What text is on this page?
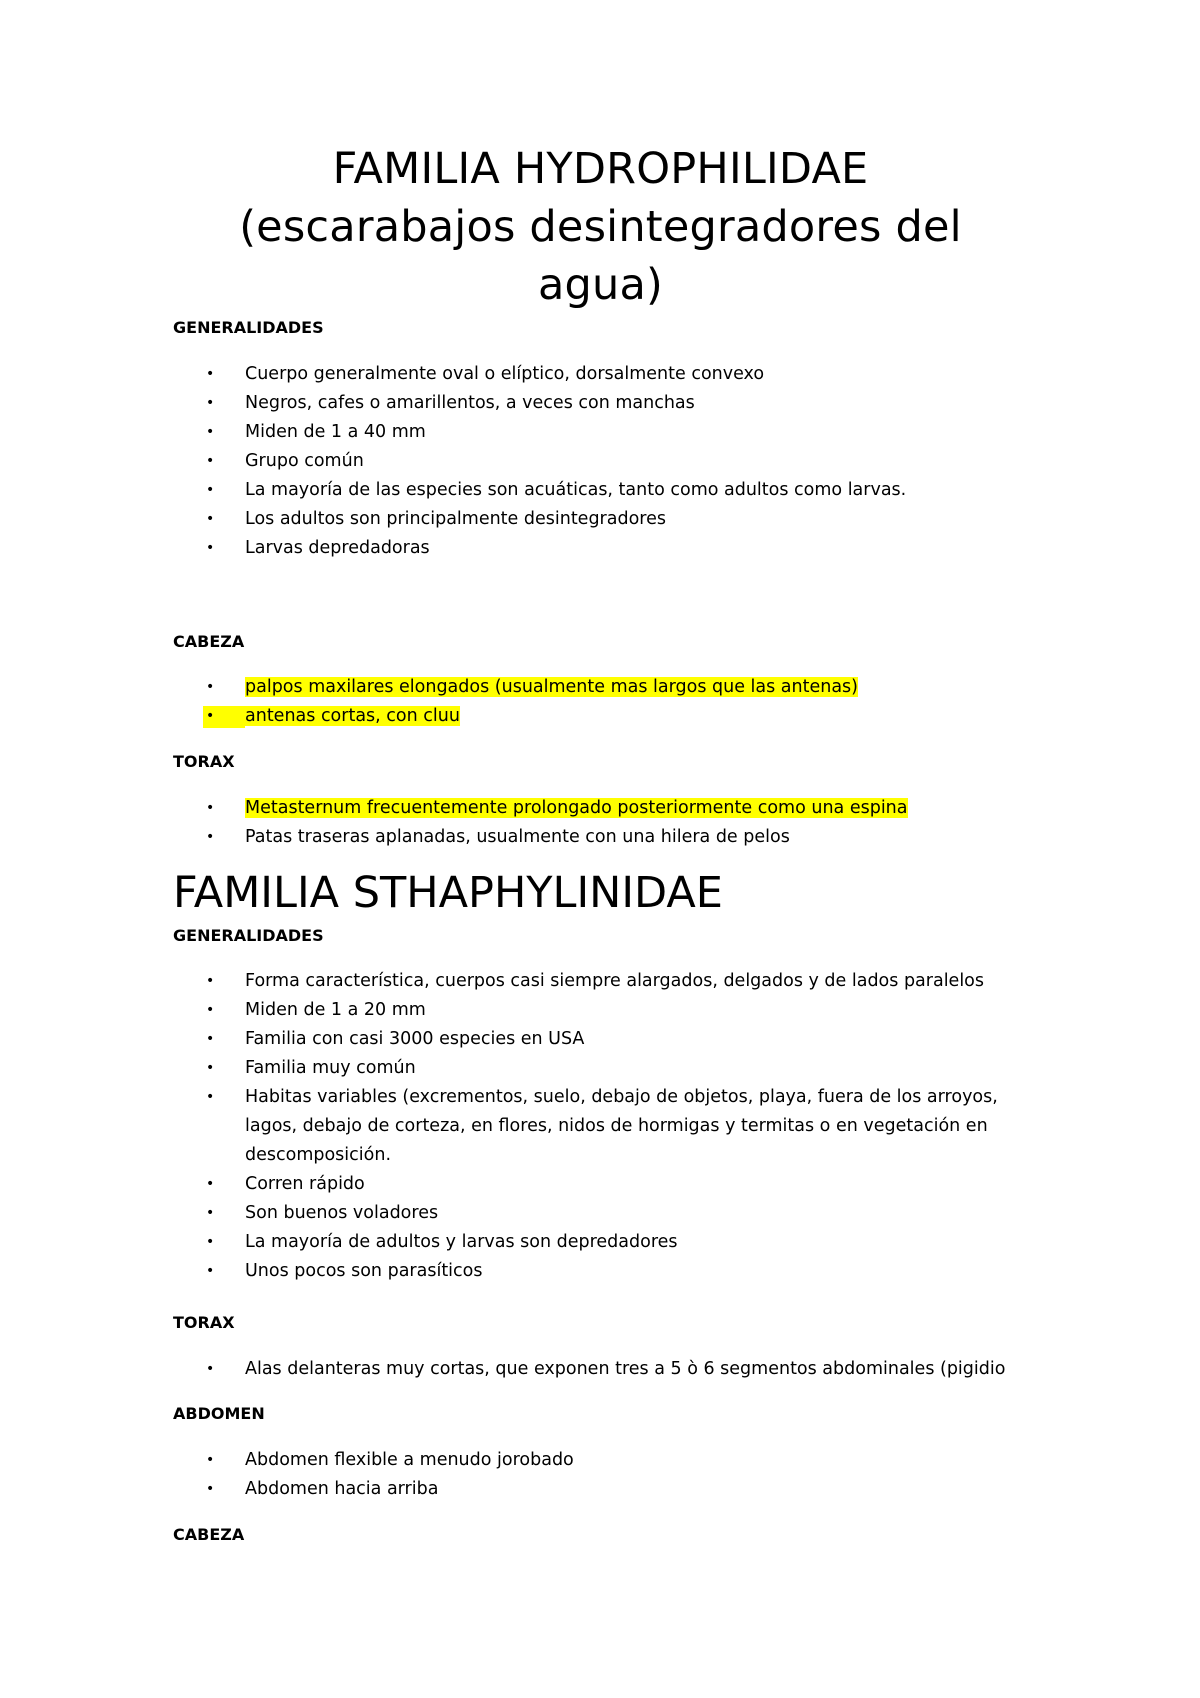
FAMILIA HYDROPHILIDAE
(escarabajos desintegradores del
agua)
GENERALIDADES
• Cuerpo generalmente oval o elíptico, dorsalmente convexo
• Negros, cafes o amarillentos, a veces con manchas
• Miden de 1 a 40 mm
• Grupo común
• La mayoría de las especies son acuáticas, tanto como adultos como larvas.
• Los adultos son principalmente desintegradores
• Larvas depredadoras
CABEZA
• palpos maxilares elongados (usualmente mas largos que las antenas)
• antenas cortas, con cluu
TORAX
• Metasternum frecuentemente prolongado posteriormente como una espina
• Patas traseras aplanadas, usualmente con una hilera de pelos
FAMILIA STHAPHYLINIDAE
GENERALIDADES
• Forma característica, cuerpos casi siempre alargados, delgados y de lados paralelos
• Miden de 1 a 20 mm
• Familia con casi 3000 especies en USA
• Familia muy común
• Habitas variables (excrementos, suelo, debajo de objetos, playa, fuera de los arroyos, lagos, debajo de corteza, en flores, nidos de hormigas y termitas o en vegetación en descomposición.
• Corren rápido
• Son buenos voladores
• La mayoría de adultos y larvas son depredadores
• Unos pocos son parasíticos
TORAX
• Alas delanteras muy cortas, que exponen tres a 5 ò 6 segmentos abdominales (pigidio
ABDOMEN
• Abdomen flexible a menudo jorobado
• Abdomen hacia arriba
CABEZA
